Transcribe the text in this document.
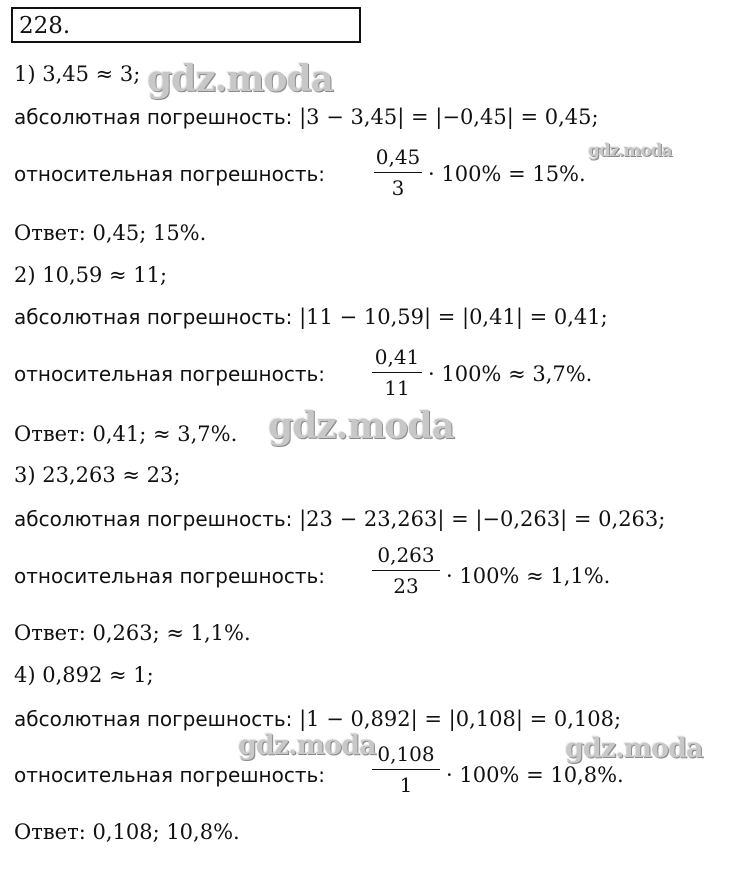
228.
1) 3,45 ≈ 3;
абсолютная погрешность: |3 − 3,45| = |−0,45| = 0,45;
относительная погрешность:
0,45
3
· 100% = 15%.
Ответ: 0,45; 15%.
2) 10,59 ≈ 11;
абсолютная погрешность: |11 − 10,59| = |0,41| = 0,41;
относительная погрешность:
0,41
11
· 100% ≈ 3,7%.
Ответ: 0,41; ≈ 3,7%.
3) 23,263 ≈ 23;
абсолютная погрешность: |23 − 23,263| = |−0,263| = 0,263;
относительная погрешность:
0,263
23	· 100% ≈ 1,1%.
Ответ: 0,263; ≈ 1,1%.
4) 0,892 ≈ 1;
абсолютная погрешность: |1 − 0,892| = |0,108| = 0,108;
относительная погрешность:
0,108
1	· 100% = 10,8%.
Ответ: 0,108; 10,8%.
gdz.moda
gdz.moda
gdz.moda
gdz.moda	gdz.moda
